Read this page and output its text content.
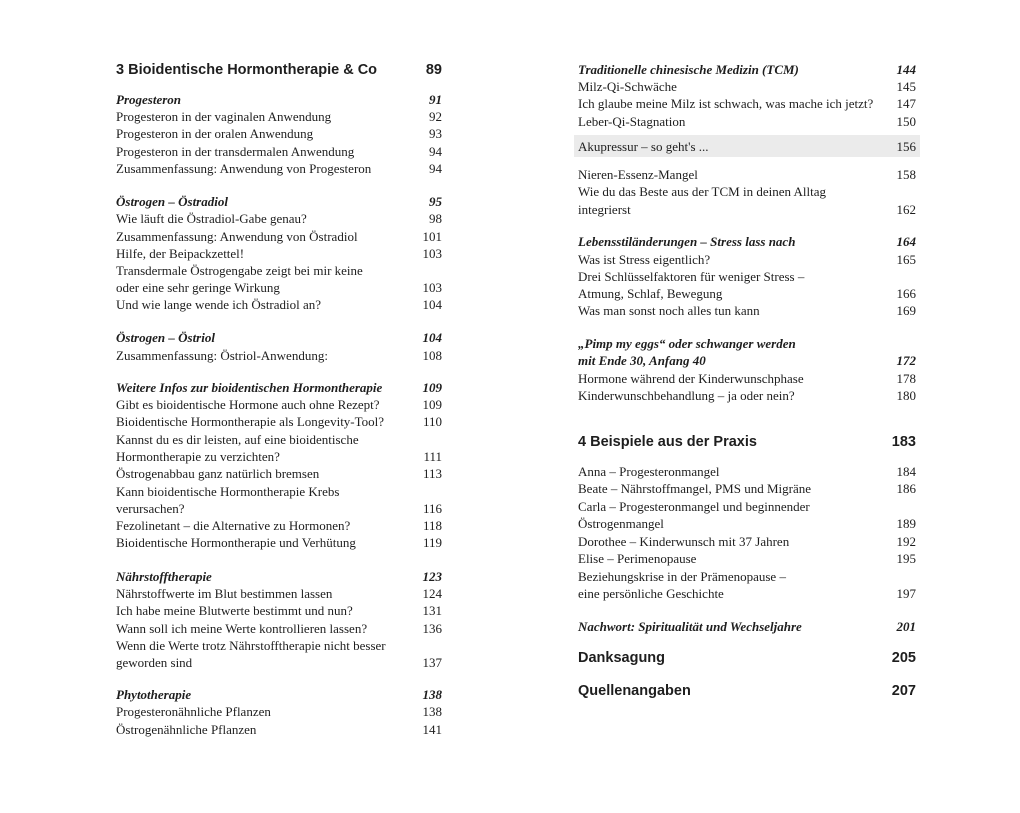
3 Bioidentische Hormontherapie & Co	89
Progesteron	91
Progesteron in der vaginalen Anwendung	92
Progesteron in der oralen Anwendung	93
Progesteron in der transdermalen Anwendung	94
Zusammenfassung: Anwendung von Progesteron	94
Östrogen – Östradiol	95
Wie läuft die Östradiol-Gabe genau?	98
Zusammenfassung: Anwendung von Östradiol	101
Hilfe, der Beipackzettel!	103
Transdermale Östrogengabe zeigt bei mir keine
oder eine sehr geringe Wirkung	103
Und wie lange wende ich Östradiol an?	104
Östrogen – Östriol	104
Zusammenfassung: Östriol-Anwendung:	108
Weitere Infos zur bioidentischen Hormontherapie	109
Gibt es bioidentische Hormone auch ohne Rezept?	109
Bioidentische Hormontherapie als Longevity-Tool?	110
Kannst du es dir leisten, auf eine bioidentische
Hormontherapie zu verzichten?	111
Östrogenabbau ganz natürlich bremsen	113
Kann bioidentische Hormontherapie Krebs
verursachen?	116
Fezolinetant – die Alternative zu Hormonen?	118
Bioidentische Hormontherapie und Verhütung	119
Nährstofftherapie	123
Nährstoffwerte im Blut bestimmen lassen	124
Ich habe meine Blutwerte bestimmt und nun?	131
Wann soll ich meine Werte kontrollieren lassen?	136
Wenn die Werte trotz Nährstofftherapie nicht besser
geworden sind	137
Phytotherapie	138
Progesteronähnliche Pflanzen	138
Östrogenähnliche Pflanzen	141
Traditionelle chinesische Medizin (TCM)	144
Milz-Qi-Schwäche	145
Ich glaube meine Milz ist schwach, was mache ich jetzt? 147
Leber-Qi-Stagnation	150
Akupressur – so geht's ...	156
Nieren-Essenz-Mangel	158
Wie du das Beste aus der TCM in deinen Alltag
integrierst	162
Lebensstiländerungen – Stress lass nach	164
Was ist Stress eigentlich?	165
Drei Schlüsselfaktoren für weniger Stress –
Atmung, Schlaf, Bewegung	166
Was man sonst noch alles tun kann	169
„Pimp my eggs“ oder schwanger werden
mit Ende 30, Anfang 40	172
Hormone während der Kinderwunschphase	178
Kinderwunschbehandlung – ja oder nein?	180
4 Beispiele aus der Praxis	183
Anna – Progesteronmangel	184
Beate – Nährstoffmangel, PMS und Migräne	186
Carla – Progesteronmangel und beginnender
Östrogenmangel	189
Dorothee – Kinderwunsch mit 37 Jahren	192
Elise – Perimenopause	195
Beziehungskrise in der Prämenopause –
eine persönliche Geschichte	197
Nachwort: Spiritualität und Wechseljahre	201
Danksagung	205
Quellenangaben	207
